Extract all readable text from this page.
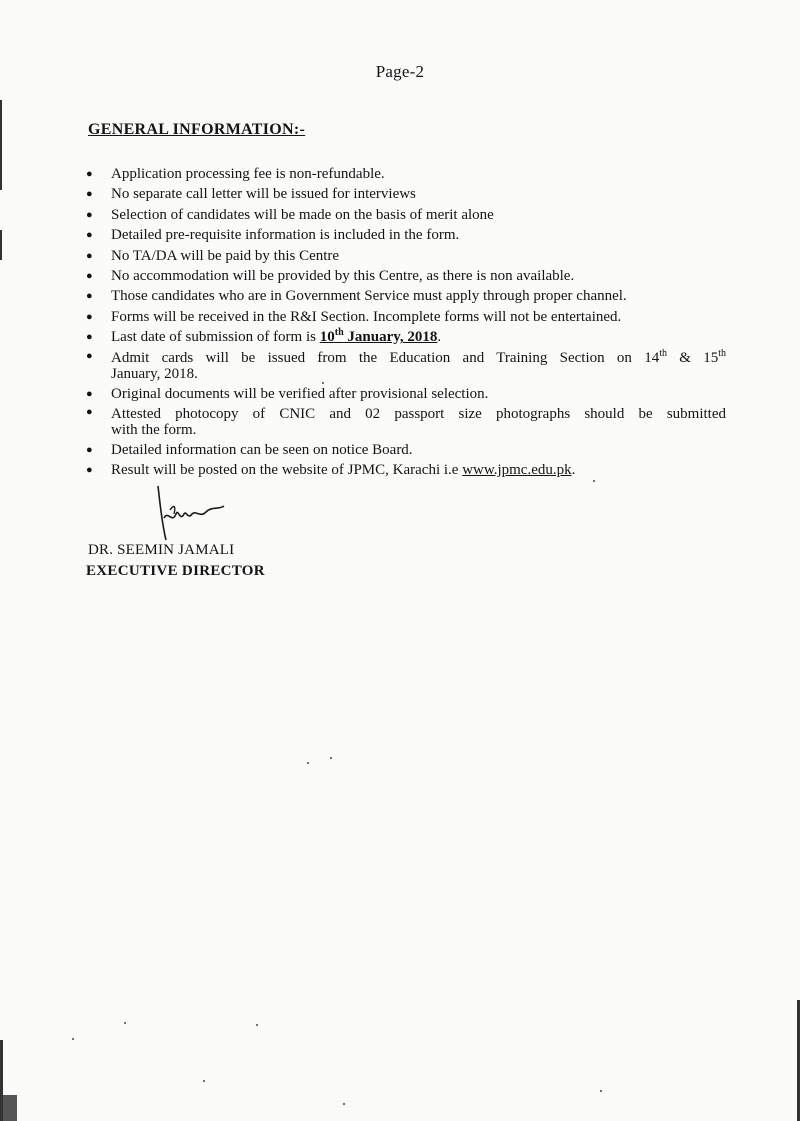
Page-2
GENERAL INFORMATION:-
● Application processing fee is non-refundable.
● No separate call letter will be issued for interviews
● Selection of candidates will be made on the basis of merit alone
● Detailed pre-requisite information is included in the form.
● No TA/DA will be paid by this Centre
● No accommodation will be provided by this Centre, as there is non available.
● Those candidates who are in Government Service must apply through proper channel.
● Forms will be received in the R&I Section. Incomplete forms will not be entertained.
● Last date of submission of form is 10th January, 2018.
● Admit cards will be issued from the Education and Training Section on 14th & 15th
January, 2018.
● Original documents will be verified after provisional selection.
● Attested photocopy of CNIC and 02 passport size photographs should be submitted
with the form.
● Detailed information can be seen on notice Board.
● Result will be posted on the website of JPMC, Karachi i.e www.jpmc.edu.pk.
DR. SEEMIN JAMALI
EXECUTIVE DIRECTOR
